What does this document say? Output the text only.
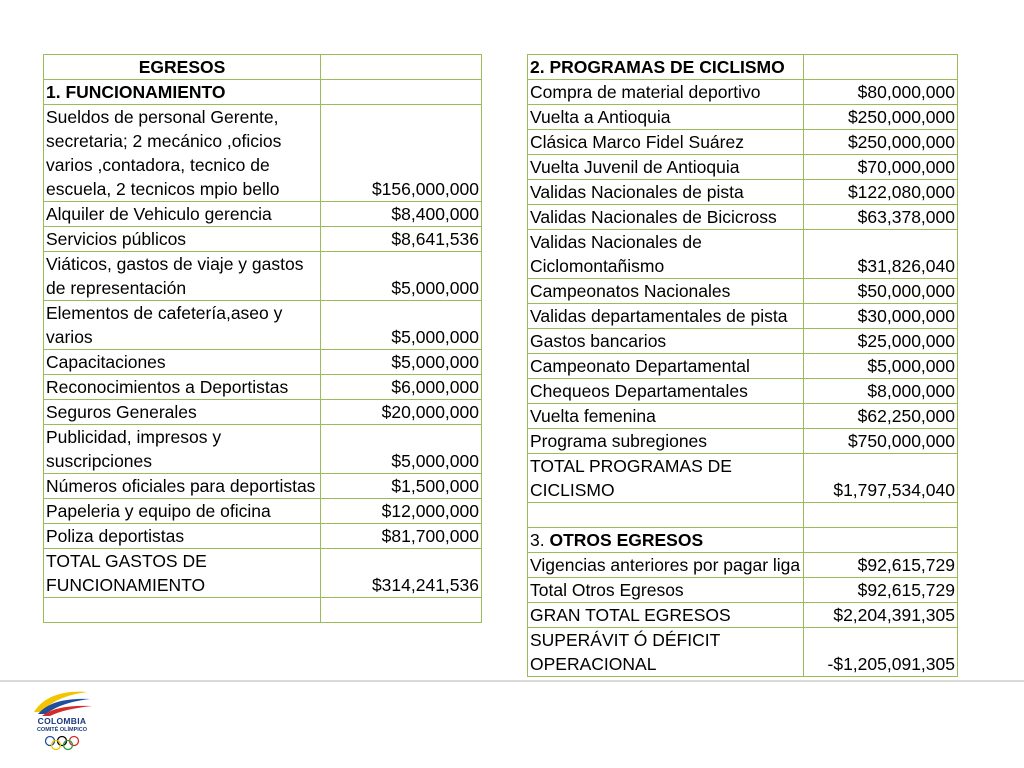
EGRESOS	
1. FUNCIONAMIENTO	
Sueldos de personal Gerente, secretaria; 2 mecánico ,oficios varios ,contadora, tecnico de escuela, 2 tecnicos mpio bello	$156,000,000
Alquiler de Vehiculo gerencia	$8,400,000
Servicios públicos	$8,641,536
Viáticos, gastos de viaje y gastos de representación	$5,000,000
Elementos de cafetería,aseo y varios	$5,000,000
Capacitaciones	$5,000,000
Reconocimientos a Deportistas	$6,000,000
Seguros Generales	$20,000,000
Publicidad, impresos y suscripciones	$5,000,000
Números oficiales para deportistas	$1,500,000
Papeleria y equipo de oficina	$12,000,000
Poliza deportistas	$81,700,000
TOTAL GASTOS DE FUNCIONAMIENTO	$314,241,536

2. PROGRAMAS DE CICLISMO	
Compra de material deportivo	$80,000,000
Vuelta a Antioquia	$250,000,000
Clásica Marco Fidel Suárez	$250,000,000
Vuelta Juvenil de Antioquia	$70,000,000
Validas Nacionales de pista	$122,080,000
Validas Nacionales de Bicicross	$63,378,000
Validas Nacionales de Ciclomontañismo	$31,826,040
Campeonatos Nacionales	$50,000,000
Validas departamentales de pista	$30,000,000
Gastos bancarios	$25,000,000
Campeonato Departamental	$5,000,000
Chequeos Departamentales	$8,000,000
Vuelta femenina	$62,250,000
Programa subregiones	$750,000,000
TOTAL PROGRAMAS DE CICLISMO	$1,797,534,040

3. OTROS EGRESOS	
Vigencias anteriores por pagar liga	$92,615,729
Total Otros Egresos	$92,615,729
GRAN TOTAL EGRESOS	$2,204,391,305
SUPERÁVIT Ó DÉFICIT OPERACIONAL	-$1,205,091,305
COLOMBIA
COMITÉ OLÍMPICO
